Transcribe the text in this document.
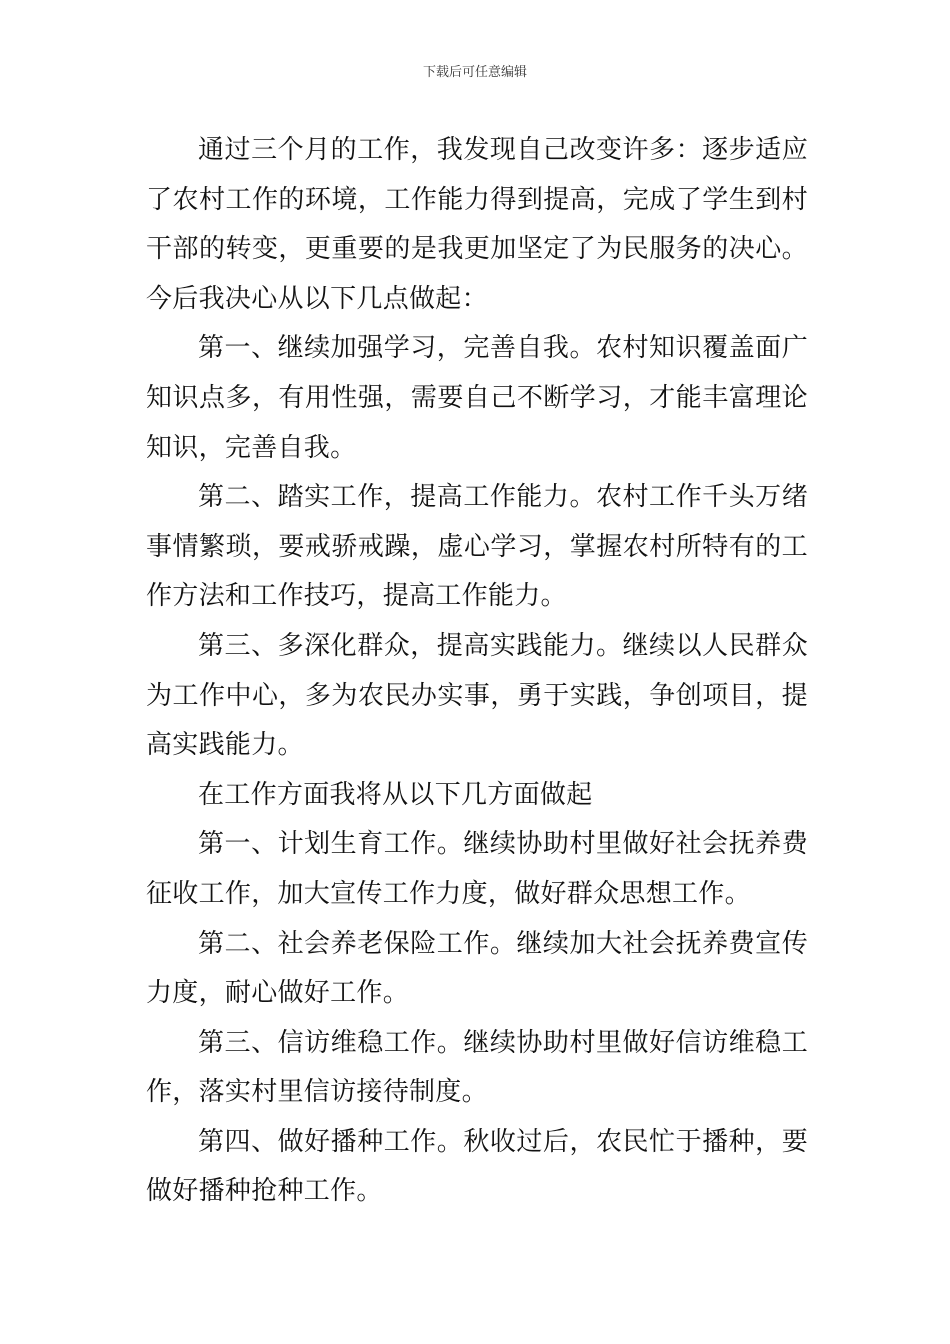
下载后可任意编辑

通过三个月的工作，我发现自己改变许多：逐步适应了农村工作的环境，工作能力得到提高，完成了学生到村干部的转变，更重要的是我更加坚定了为民服务的决心。今后我决心从以下几点做起：

第一、继续加强学习，完善自我。农村知识覆盖面广知识点多，有用性强，需要自己不断学习，才能丰富理论知识，完善自我。

第二、踏实工作，提高工作能力。农村工作千头万绪事情繁琐，要戒骄戒躁，虚心学习，掌握农村所特有的工作方法和工作技巧，提高工作能力。

第三、多深化群众，提高实践能力。继续以人民群众为工作中心，多为农民办实事，勇于实践，争创项目，提高实践能力。

在工作方面我将从以下几方面做起

第一、计划生育工作。继续协助村里做好社会抚养费征收工作，加大宣传工作力度，做好群众思想工作。

第二、社会养老保险工作。继续加大社会抚养费宣传力度，耐心做好工作。

第三、信访维稳工作。继续协助村里做好信访维稳工作，落实村里信访接待制度。

第四、做好播种工作。秋收过后，农民忙于播种，要做好播种抢种工作。
